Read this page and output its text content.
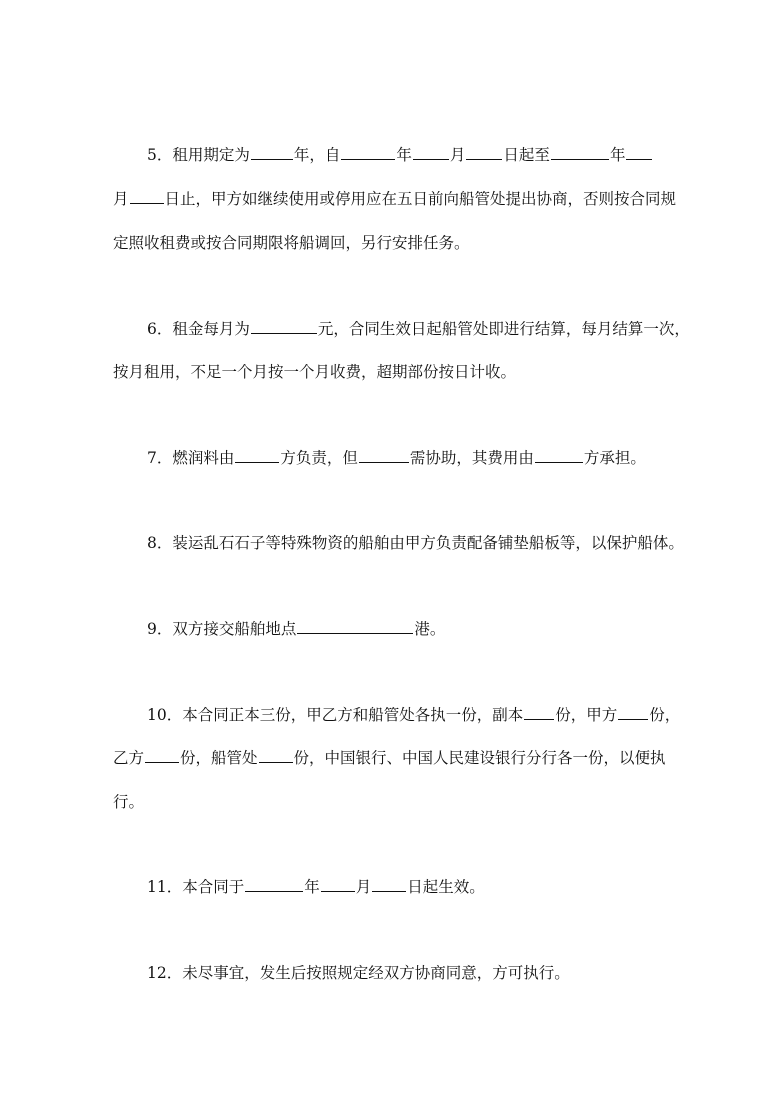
5．租用期定为	年，自	年 月 日起至	年
月 日止，甲方如继续使用或停用应在五日前向船管处提出协商，否则按合同规
定照收租费或按合同期限将船调回，另行安排任务。
6．租金每月为	元，合同生效日起船管处即进行结算，每月结算一次，
按月租用，不足一个月按一个月收费，超期部份按日计收。
7．燃润料由	方负责，但	需协助，其费用由	方承担。
8．装运乱石石子等特殊物资的船舶由甲方负责配备铺垫船板等，以保护船体。
9．双方接交船舶地点	港。
10．本合同正本三份，甲乙方和船管处各执一份，副本 份，甲方 份，
乙方 份，船管处 份，中国银行、中国人民建设银行分行各一份，以便执
行。
11．本合同于	年 月 日起生效。
12．未尽事宜，发生后按照规定经双方协商同意，方可执行。
